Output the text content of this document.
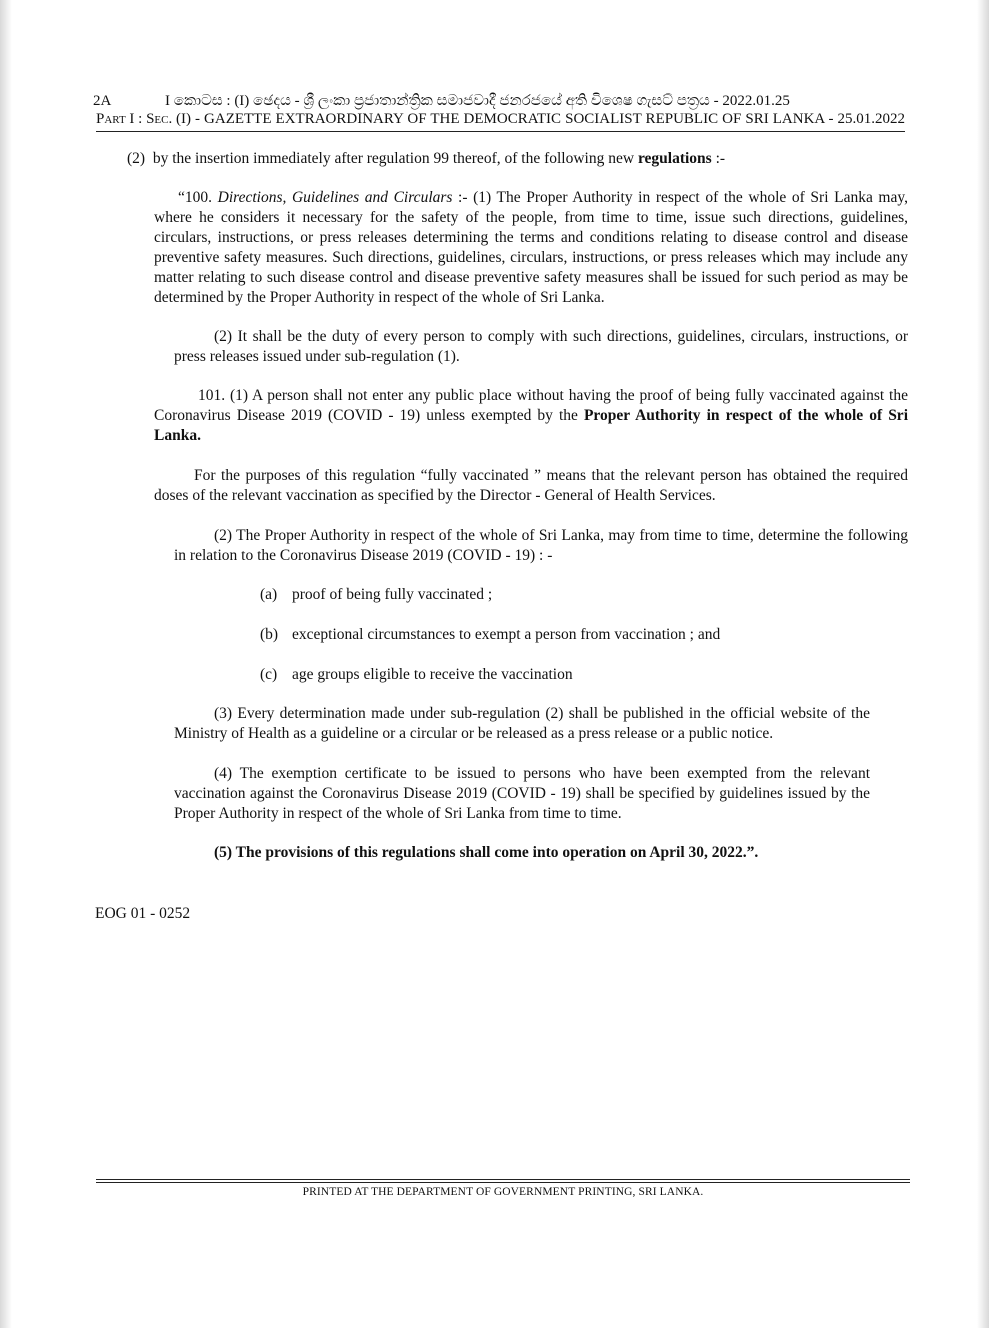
2A	I කොටස : (I) ඡෙදය - ශ්‍රී ලංකා ප්‍රජාතාන්ත්‍රික සමාජවාදී ජනරජයේ අති විශෙෂ ගැසට් පත්‍රය - 2022.01.25
Part I : Sec. (I) - GAZETTE EXTRAORDINARY OF THE DEMOCRATIC SOCIALIST REPUBLIC OF SRI LANKA - 25.01.2022
(2) by the insertion immediately after regulation 99 thereof, of the following new regulations :-
“100. Directions, Guidelines and Circulars :- (1) The Proper Authority in respect of the whole of Sri Lanka may, where he considers it necessary for the safety of the people, from time to time, issue such directions, guidelines, circulars, instructions, or press releases determining the terms and conditions relating to disease control and disease preventive safety measures. Such directions, guidelines, circulars, instructions, or press releases which may include any matter relating to such disease control and disease preventive safety measures shall be issued for such period as may be determined by the Proper Authority in respect of the whole of Sri Lanka.
(2) It shall be the duty of every person to comply with such directions, guidelines, circulars, instructions, or press releases issued under sub-regulation (1).
101. (1) A person shall not enter any public place without having the proof of being fully vaccinated against the Coronavirus Disease 2019 (COVID - 19) unless exempted by the Proper Authority in respect of the whole of Sri Lanka.
For the purposes of this regulation “fully vaccinated ” means that the relevant person has obtained the required doses of the relevant vaccination as specified by the Director - General of Health Services.
(2) The Proper Authority in respect of the whole of Sri Lanka, may from time to time, determine the following in relation to the Coronavirus Disease 2019 (COVID - 19) : -
(a) proof of being fully vaccinated ;
(b) exceptional circumstances to exempt a person from vaccination ; and
(c) age groups eligible to receive the vaccination
(3) Every determination made under sub-regulation (2) shall be published in the official website of the Ministry of Health as a guideline or a circular or be released as a press release or a public notice.
(4) The exemption certificate to be issued to persons who have been exempted from the relevant vaccination against the Coronavirus Disease 2019 (COVID - 19) shall be specified by guidelines issued by the Proper Authority in respect of the whole of Sri Lanka from time to time.
(5) The provisions of this regulations shall come into operation on April 30, 2022.”.
EOG 01 - 0252
PRINTED AT THE DEPARTMENT OF GOVERNMENT PRINTING, SRI LANKA.
